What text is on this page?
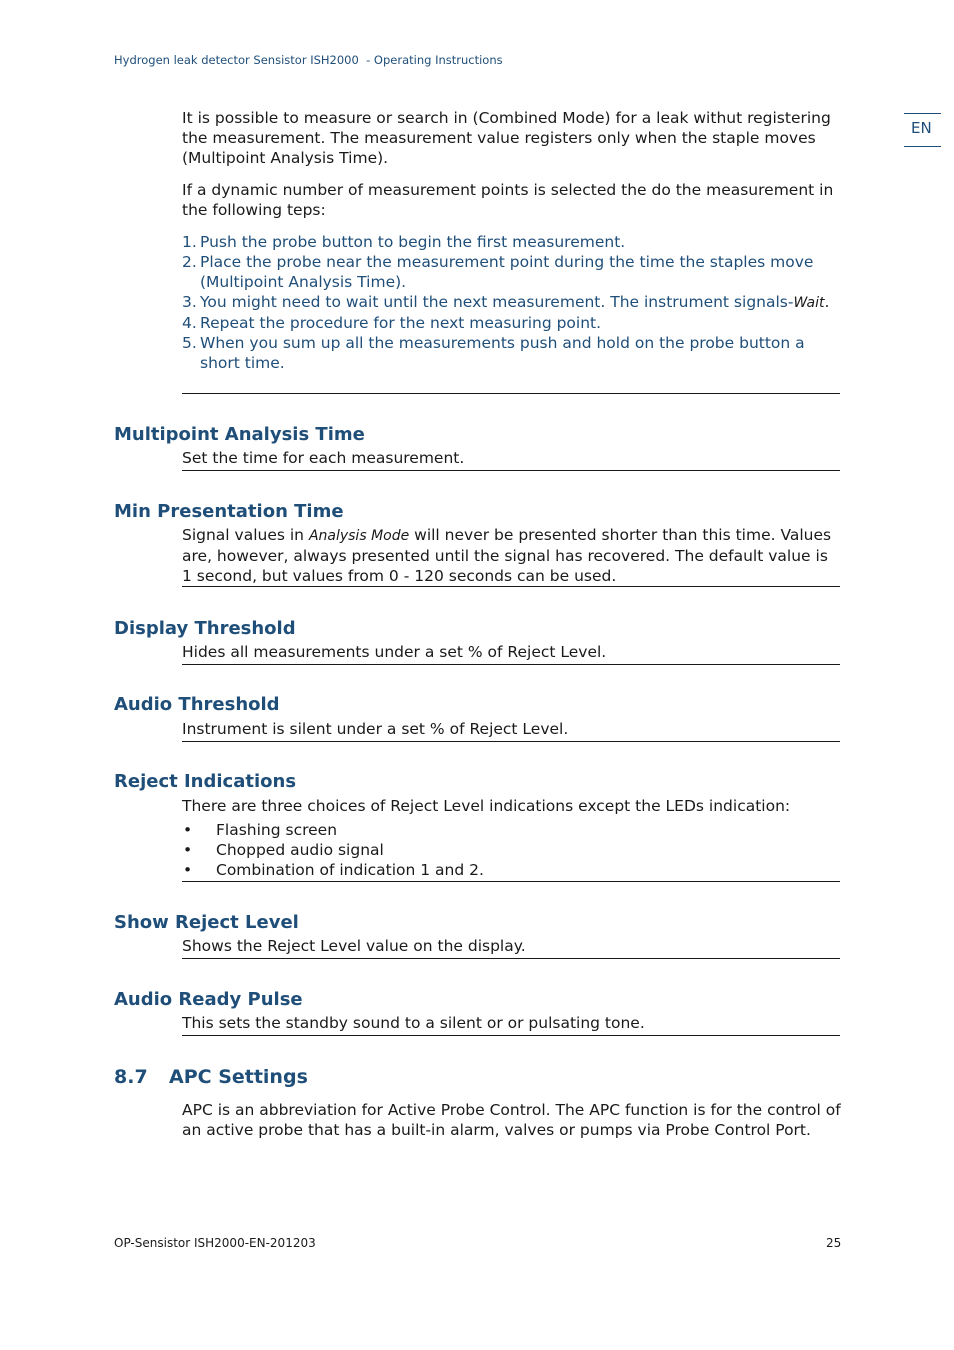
Hydrogen leak detector Sensistor ISH2000  - Operating Instructions
EN

It is possible to measure or search in (Combined Mode) for a leak withut registering the measurement. The measurement value registers only when the staple moves (Multipoint Analysis Time).

If a dynamic number of measurement points is selected the do the measurement in the following teps:

1. Push the probe button to begin the first measurement.
2. Place the probe near the measurement point during the time the staples move (Multipoint Analysis Time).
3. You might need to wait until the next measurement. The instrument signals-Wait.
4. Repeat the procedure for the next measuring point.
5. When you sum up all the measurements push and hold on the probe button a short time.
Multipoint Analysis Time

Set the time for each measurement.

Min Presentation Time

Signal values in Analysis Mode will never be presented shorter than this time. Values are, however, always presented until the signal has recovered. The default value is 1 second, but values from 0 - 120 seconds can be used.

Display Threshold

Hides all measurements under a set % of Reject Level.

Audio Threshold

Instrument is silent under a set % of Reject Level.

Reject Indications

There are three choices of Reject Level indications except the LEDs indication:

• Flashing screen
• Chopped audio signal
• Combination of indication 1 and 2.
Show Reject Level

Shows the Reject Level value on the display.

Audio Ready Pulse

This sets the standby sound to a silent or or pulsating tone.

8.7 APC Settings

APC is an abbreviation for Active Probe Control. The APC function is for the control of an active probe that has a built-in alarm, valves or pumps via Probe Control Port.

OP-Sensistor ISH2000-EN-201203	25
